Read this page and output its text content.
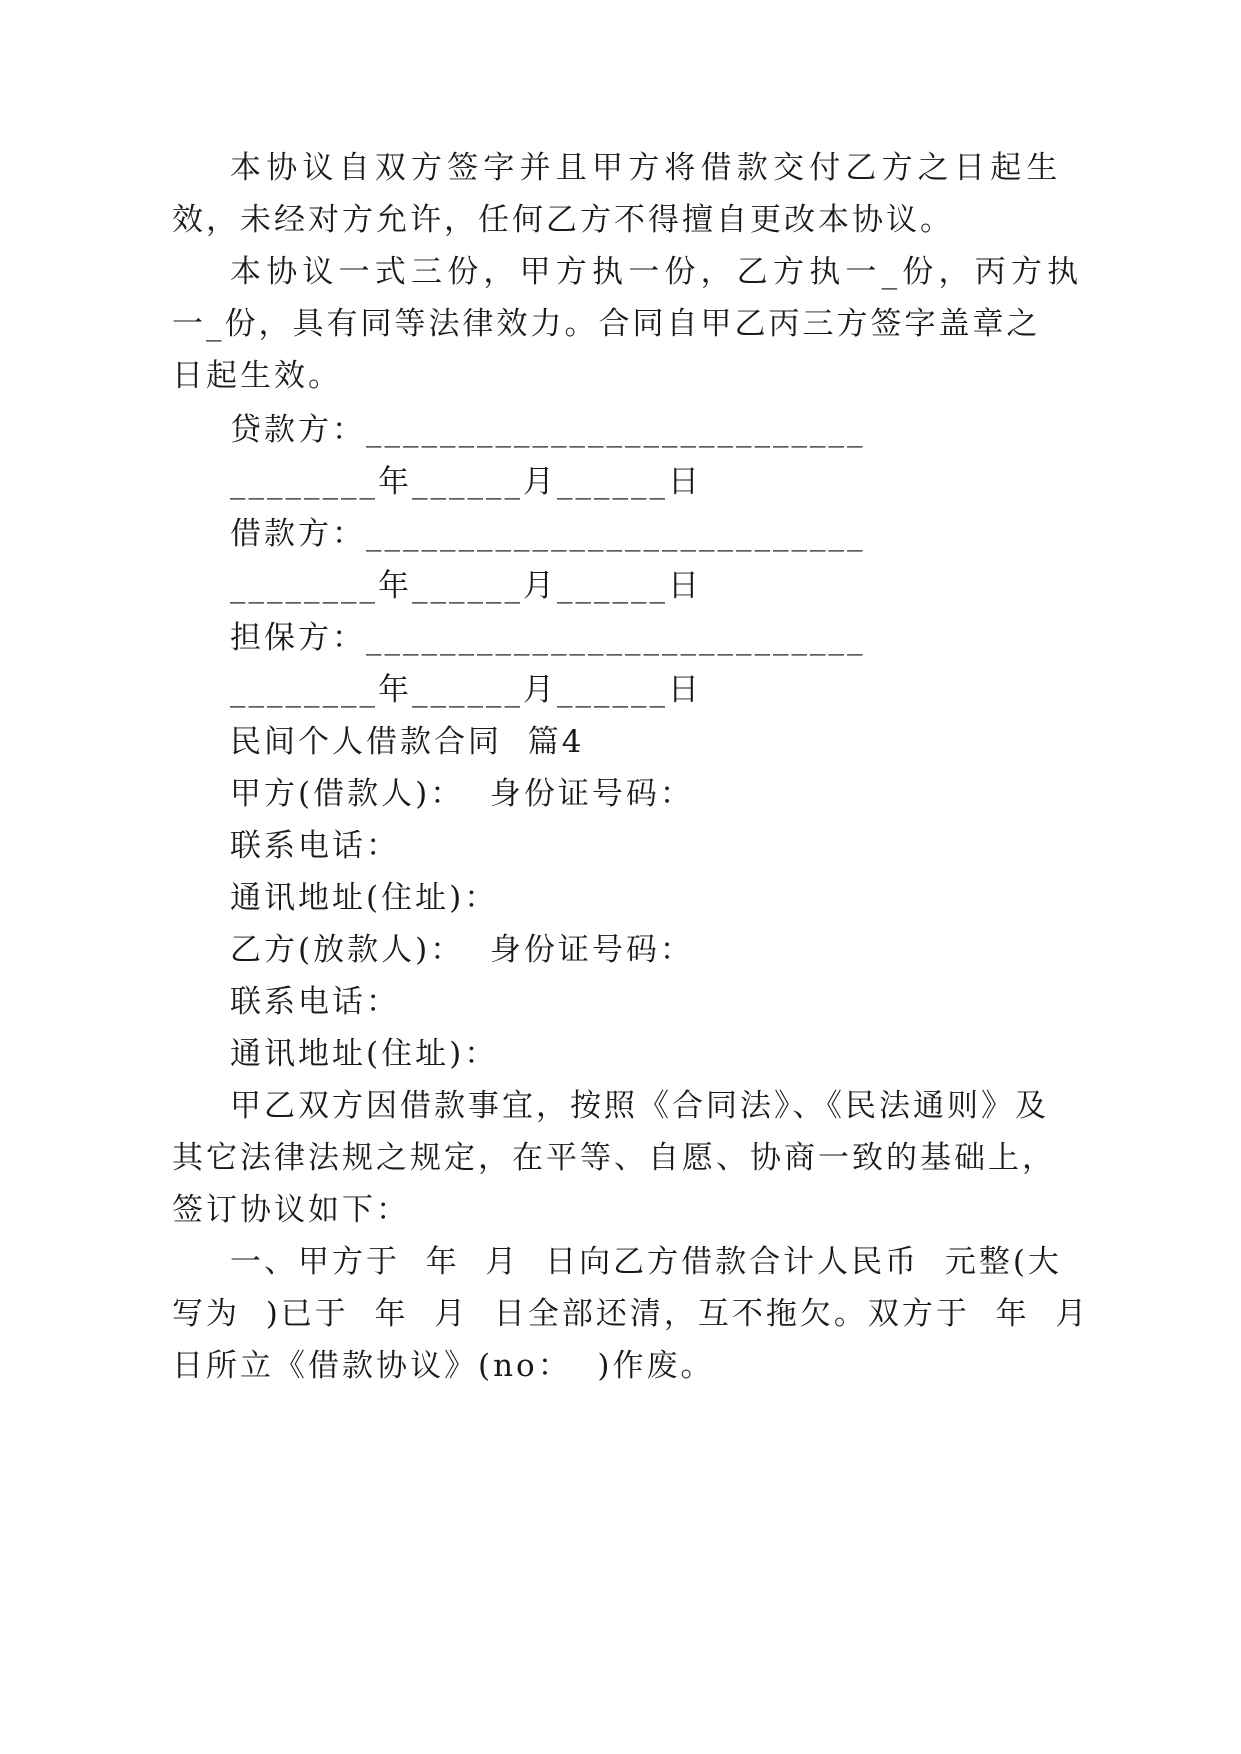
本协议自双方签字并且甲方将借款交付乙方之日起生
效，未经对方允许，任何乙方不得擅自更改本协议。
本协议一式三份，甲方执一份，乙方执一_份，丙方执
一_份，具有同等法律效力。合同自甲乙丙三方签字盖章之
日起生效。
贷款方：___________________________
________年______月______日
借款方：___________________________
________年______月______日
担保方：___________________________
________年______月______日
民间个人借款合同  篇4
甲方(借款人)：  身份证号码：
联系电话：
通讯地址(住址)：
乙方(放款人)：  身份证号码：
联系电话：
通讯地址(住址)：
甲乙双方因借款事宜，按照《合同法》、《民法通则》及
其它法律法规之规定，在平等、自愿、协商一致的基础上，
签订协议如下：
一、甲方于  年  月  日向乙方借款合计人民币  元整(大
写为  )已于  年  月  日全部还清，互不拖欠。双方于  年  月
日所立《借款协议》(no：  )作废。
